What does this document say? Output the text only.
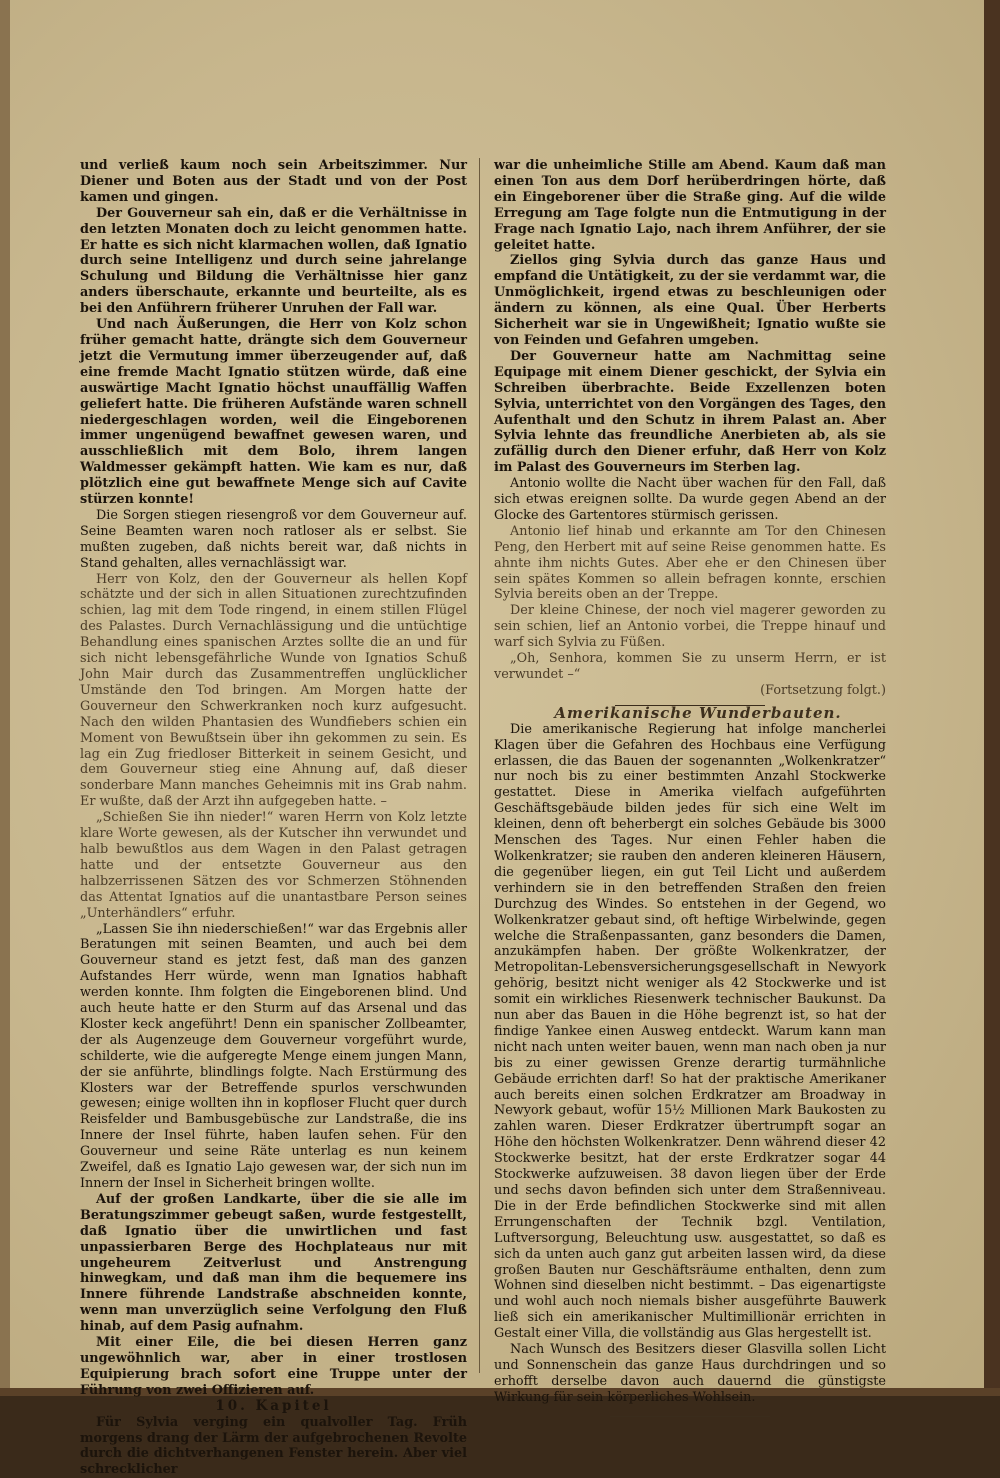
und verließ kaum noch sein Arbeitszimmer. Nur Diener und Boten aus der Stadt und von der Post kamen und gingen.

Der Gouverneur sah ein, daß er die Verhältnisse in den letzten Monaten doch zu leicht genommen hatte. Er hatte es sich nicht klarmachen wollen, daß Ignatio durch seine Intelligenz und durch seine jahrelange Schulung und Bildung die Verhältnisse hier ganz anders überschaute, erkannte und beurteilte, als es bei den Anführern früherer Unruhen der Fall war.

Und nach Äußerungen, die Herr von Kolz schon früher gemacht hatte, drängte sich dem Gouverneur jetzt die Vermutung immer überzeugender auf, daß eine fremde Macht Ignatio stützen würde, daß eine auswärtige Macht Ignatio höchst unauffällig Waffen geliefert hatte. Die früheren Aufstände waren schnell niedergeschlagen worden, weil die Eingeborenen immer ungenügend bewaffnet gewesen waren, und ausschließlich mit dem Bolo, ihrem langen Waldmesser gekämpft hatten. Wie kam es nur, daß plötzlich eine gut bewaffnete Menge sich auf Cavite stürzen konnte!

Die Sorgen stiegen riesengroß vor dem Gouverneur auf. Seine Beamten waren noch ratloser als er selbst. Sie mußten zugeben, daß nichts bereit war, daß nichts in Stand gehalten, alles vernachlässigt war.

Herr von Kolz, den der Gouverneur als hellen Kopf schätzte und der sich in allen Situationen zurechtzufinden schien, lag mit dem Tode ringend, in einem stillen Flügel des Palastes. Durch Vernachlässigung und die untüchtige Behandlung eines spanischen Arztes sollte die an und für sich nicht lebensgefährliche Wunde von Ignatios Schuß John Mair durch das Zusammentreffen unglücklicher Umstände den Tod bringen. Am Morgen hatte der Gouverneur den Schwerkranken noch kurz aufgesucht. Nach den wilden Phantasien des Wundfiebers schien ein Moment von Bewußtsein über ihn gekommen zu sein. Es lag ein Zug friedloser Bitterkeit in seinem Gesicht, und dem Gouverneur stieg eine Ahnung auf, daß dieser sonderbare Mann manches Geheimnis mit ins Grab nahm. Er wußte, daß der Arzt ihn aufgegeben hatte. –

„Schießen Sie ihn nieder!“ waren Herrn von Kolz letzte klare Worte gewesen, als der Kutscher ihn verwundet und halb bewußtlos aus dem Wagen in den Palast getragen hatte und der entsetzte Gouverneur aus den halbzerrissenen Sätzen des vor Schmerzen Stöhnenden das Attentat Ignatios auf die unantastbare Person seines „Unterhändlers“ erfuhr.

„Lassen Sie ihn niederschießen!“ war das Ergebnis aller Beratungen mit seinen Beamten, und auch bei dem Gouverneur stand es jetzt fest, daß man des ganzen Aufstandes Herr würde, wenn man Ignatios habhaft werden konnte. Ihm folgten die Eingeborenen blind. Und auch heute hatte er den Sturm auf das Arsenal und das Kloster keck angeführt! Denn ein spanischer Zollbeamter, der als Augenzeuge dem Gouverneur vorgeführt wurde, schilderte, wie die aufgeregte Menge einem jungen Mann, der sie anführte, blindlings folgte. Nach Erstürmung des Klosters war der Betreffende spurlos verschwunden gewesen; einige wollten ihn in kopfloser Flucht quer durch Reisfelder und Bambusgebüsche zur Landstraße, die ins Innere der Insel führte, haben laufen sehen. Für den Gouverneur und seine Räte unterlag es nun keinem Zweifel, daß es Ignatio Lajo gewesen war, der sich nun im Innern der Insel in Sicherheit bringen wollte.

Auf der großen Landkarte, über die sie alle im Beratungszimmer gebeugt saßen, wurde festgestellt, daß Ignatio über die unwirtlichen und fast unpassierbaren Berge des Hochplateaus nur mit ungeheurem Zeitverlust und Anstrengung hinwegkam, und daß man ihm die bequemere ins Innere führende Landstraße abschneiden konnte, wenn man unverzüglich seine Verfolgung den Fluß hinab, auf dem Pasig aufnahm.

Mit einer Eile, die bei diesen Herren ganz ungewöhnlich war, aber in einer trostlosen Equipierung brach sofort eine Truppe unter der Führung von zwei Offizieren auf.

10. Kapitel

Für Sylvia verging ein qualvoller Tag. Früh morgens drang der Lärm der aufgebrochenen Revolte durch die dichtverhangenen Fenster herein. Aber viel schrecklicher

war die unheimliche Stille am Abend. Kaum daß man einen Ton aus dem Dorf herüberdringen hörte, daß ein Eingeborener über die Straße ging. Auf die wilde Erregung am Tage folgte nun die Entmutigung in der Frage nach Ignatio Lajo, nach ihrem Anführer, der sie geleitet hatte.

Ziellos ging Sylvia durch das ganze Haus und empfand die Untätigkeit, zu der sie verdammt war, die Unmöglichkeit, irgend etwas zu beschleunigen oder ändern zu können, als eine Qual. Über Herberts Sicherheit war sie in Ungewißheit; Ignatio wußte sie von Feinden und Gefahren umgeben.

Der Gouverneur hatte am Nachmittag seine Equipage mit einem Diener geschickt, der Sylvia ein Schreiben überbrachte. Beide Exzellenzen boten Sylvia, unterrichtet von den Vorgängen des Tages, den Aufenthalt und den Schutz in ihrem Palast an. Aber Sylvia lehnte das freundliche Anerbieten ab, als sie zufällig durch den Diener erfuhr, daß Herr von Kolz im Palast des Gouverneurs im Sterben lag.

Antonio wollte die Nacht über wachen für den Fall, daß sich etwas ereignen sollte. Da wurde gegen Abend an der Glocke des Gartentores stürmisch gerissen.

Antonio lief hinab und erkannte am Tor den Chinesen Peng, den Herbert mit auf seine Reise genommen hatte. Es ahnte ihm nichts Gutes. Aber ehe er den Chinesen über sein spätes Kommen so allein befragen konnte, erschien Sylvia bereits oben an der Treppe.

Der kleine Chinese, der noch viel magerer geworden zu sein schien, lief an Antonio vorbei, die Treppe hinauf und warf sich Sylvia zu Füßen.

„Oh, Senhora, kommen Sie zu unserm Herrn, er ist verwundet –“

(Fortsetzung folgt.)

Amerikanische Wunderbauten.

Die amerikanische Regierung hat infolge mancherlei Klagen über die Gefahren des Hochbaus eine Verfügung erlassen, die das Bauen der sogenannten „Wolkenkratzer“ nur noch bis zu einer bestimmten Anzahl Stockwerke gestattet. Diese in Amerika vielfach aufgeführten Geschäftsgebäude bilden jedes für sich eine Welt im kleinen, denn oft beherbergt ein solches Gebäude bis 3000 Menschen des Tages. Nur einen Fehler haben die Wolkenkratzer; sie rauben den anderen kleineren Häusern, die gegenüber liegen, ein gut Teil Licht und außerdem verhindern sie in den betreffenden Straßen den freien Durchzug des Windes. So entstehen in der Gegend, wo Wolkenkratzer gebaut sind, oft heftige Wirbelwinde, gegen welche die Straßenpassanten, ganz besonders die Damen, anzukämpfen haben. Der größte Wolkenkratzer, der Metropolitan-Lebensversicherungsgesellschaft in Newyork gehörig, besitzt nicht weniger als 42 Stockwerke und ist somit ein wirkliches Riesenwerk technischer Baukunst. Da nun aber das Bauen in die Höhe begrenzt ist, so hat der findige Yankee einen Ausweg entdeckt. Warum kann man nicht nach unten weiter bauen, wenn man nach oben ja nur bis zu einer gewissen Grenze derartig turmähnliche Gebäude errichten darf! So hat der praktische Amerikaner auch bereits einen solchen Erdkratzer am Broadway in Newyork gebaut, wofür 15½ Millionen Mark Baukosten zu zahlen waren. Dieser Erdkratzer übertrumpft sogar an Höhe den höchsten Wolkenkratzer. Denn während dieser 42 Stockwerke besitzt, hat der erste Erdkratzer sogar 44 Stockwerke aufzuweisen. 38 davon liegen über der Erde und sechs davon befinden sich unter dem Straßenniveau. Die in der Erde befindlichen Stockwerke sind mit allen Errungenschaften der Technik bzgl. Ventilation, Luftversorgung, Beleuchtung usw. ausgestattet, so daß es sich da unten auch ganz gut arbeiten lassen wird, da diese großen Bauten nur Geschäftsräume enthalten, denn zum Wohnen sind dieselben nicht bestimmt. – Das eigenartigste und wohl auch noch niemals bisher ausgeführte Bauwerk ließ sich ein amerikanischer Multimillionär errichten in Gestalt einer Villa, die vollständig aus Glas hergestellt ist.

Nach Wunsch des Besitzers dieser Glasvilla sollen Licht und Sonnenschein das ganze Haus durchdringen und so erhofft derselbe davon auch dauernd die günstigste Wirkung für sein körperliches Wohlsein.
